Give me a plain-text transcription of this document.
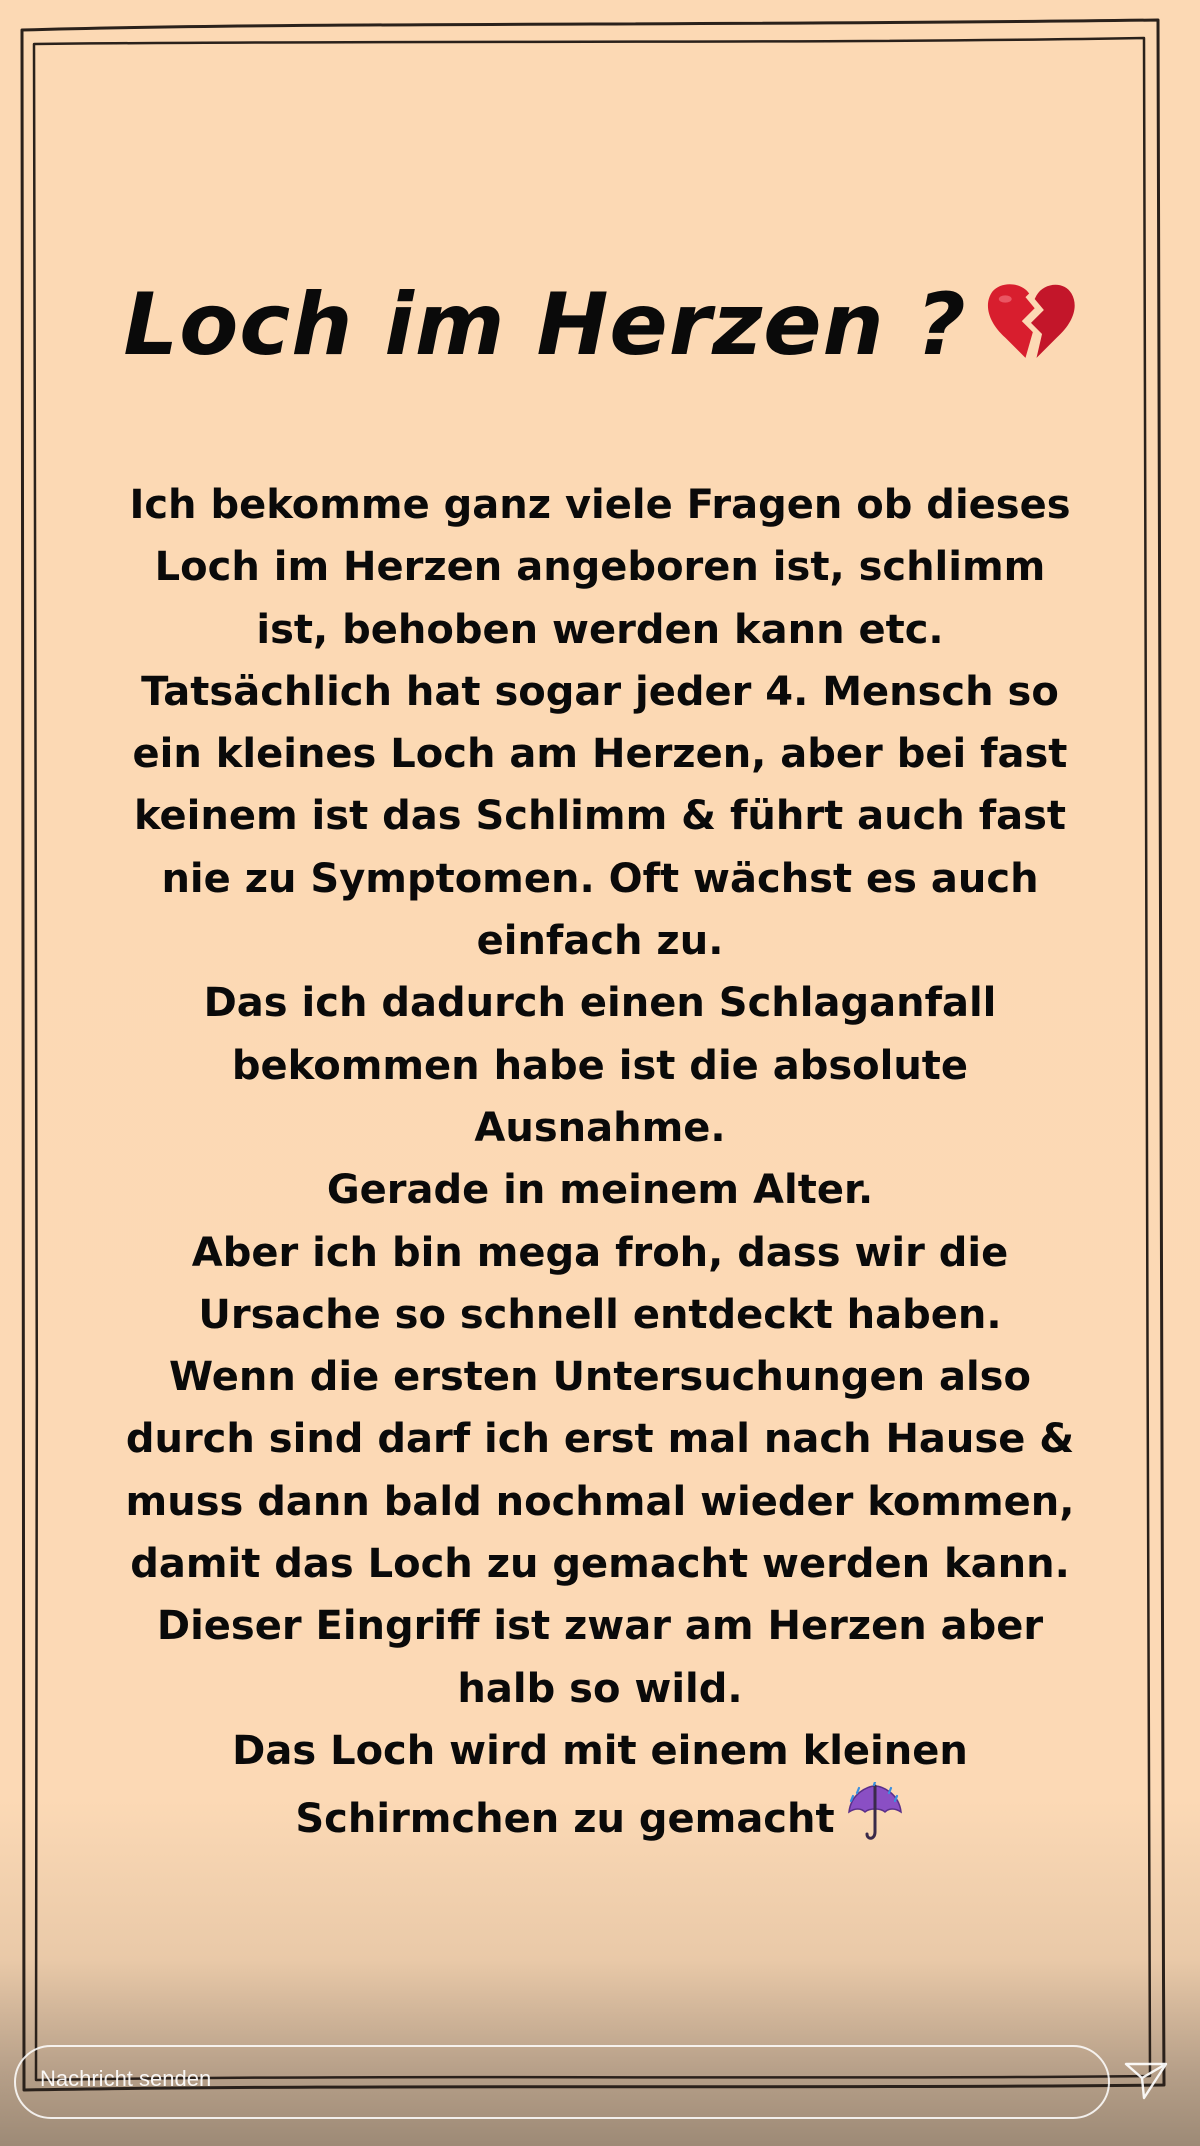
Loch im Herzen ?
Ich bekomme ganz viele Fragen ob dieses
Loch im Herzen angeboren ist, schlimm
ist, behoben werden kann etc.
Tatsächlich hat sogar jeder 4. Mensch so
ein kleines Loch am Herzen, aber bei fast
keinem ist das Schlimm & führt auch fast
nie zu Symptomen. Oft wächst es auch
einfach zu.
Das ich dadurch einen Schlaganfall
bekommen habe ist die absolute
Ausnahme.
Gerade in meinem Alter.
Aber ich bin mega froh, dass wir die
Ursache so schnell entdeckt haben.
Wenn die ersten Untersuchungen also
durch sind darf ich erst mal nach Hause &
muss dann bald nochmal wieder kommen,
damit das Loch zu gemacht werden kann.
Dieser Eingriff ist zwar am Herzen aber
halb so wild.
Das Loch wird mit einem kleinen
Schirmchen zu gemacht
Nachricht senden
